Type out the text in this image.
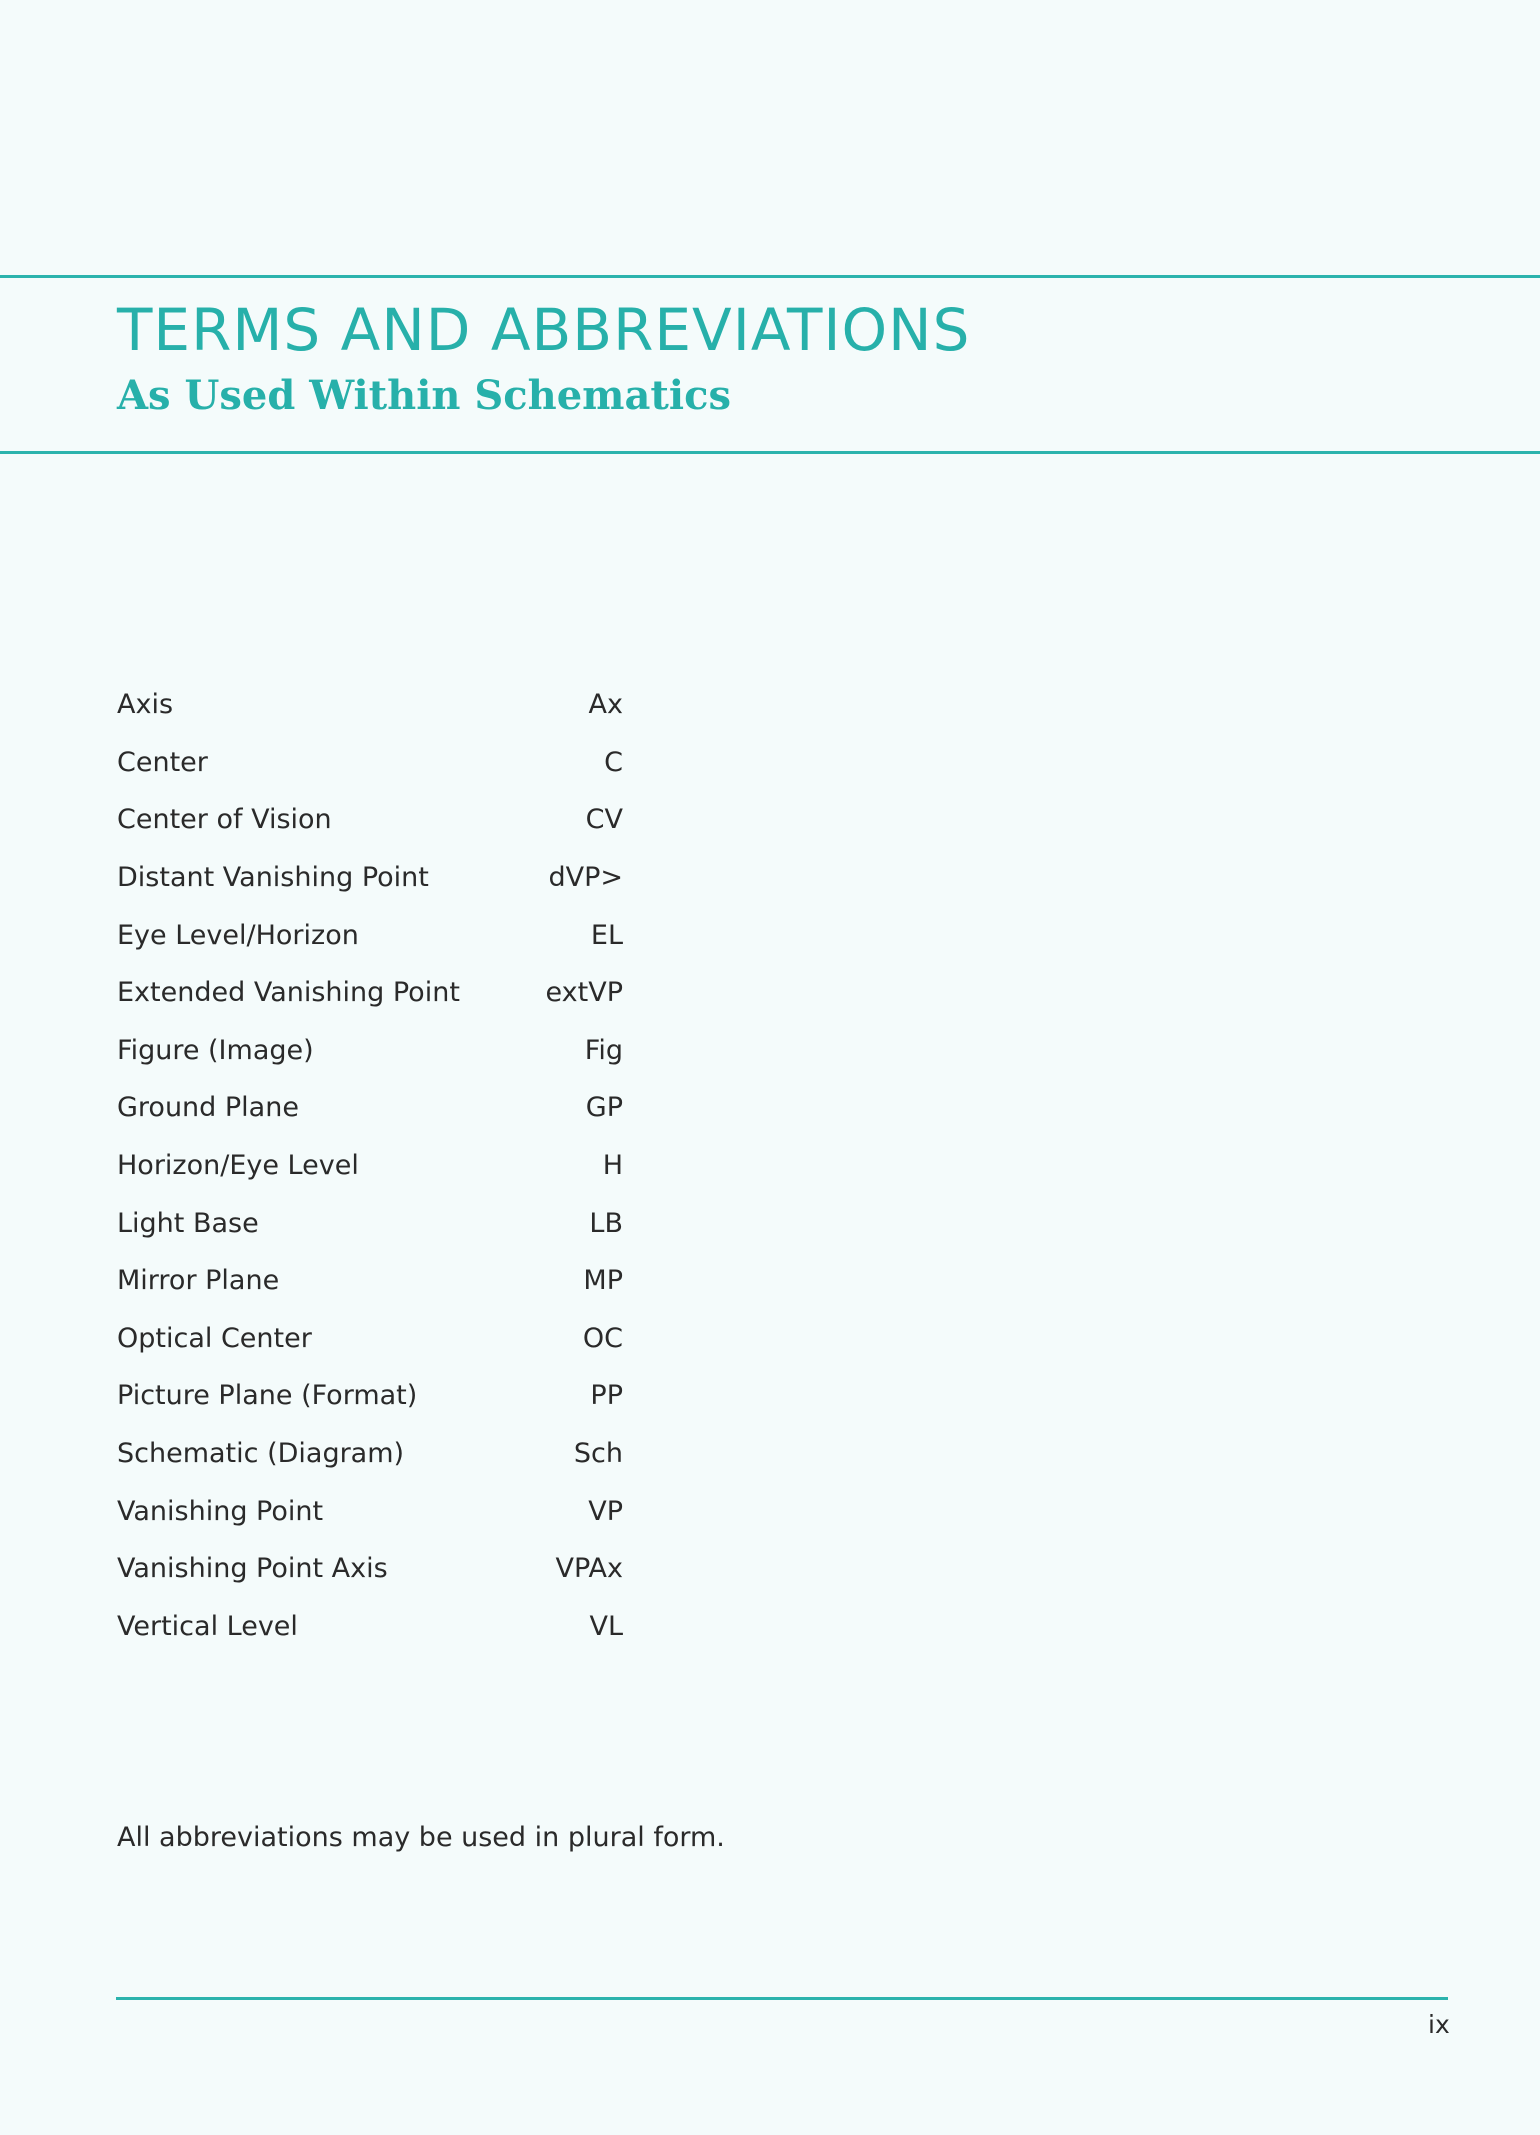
TERMS AND ABBREVIATIONS
As Used Within Schematics
Axis	Ax
Center	C
Center of Vision	CV
Distant Vanishing Point	dVP>
Eye Level/Horizon	EL
Extended Vanishing Point	extVP
Figure (Image)	Fig
Ground Plane	GP
Horizon/Eye Level	H
Light Base	LB
Mirror Plane	MP
Optical Center	OC
Picture Plane (Format)	PP
Schematic (Diagram)	Sch
Vanishing Point	VP
Vanishing Point Axis	VPAx
Vertical Level	VL

All abbreviations may be used in plural form.

ix
